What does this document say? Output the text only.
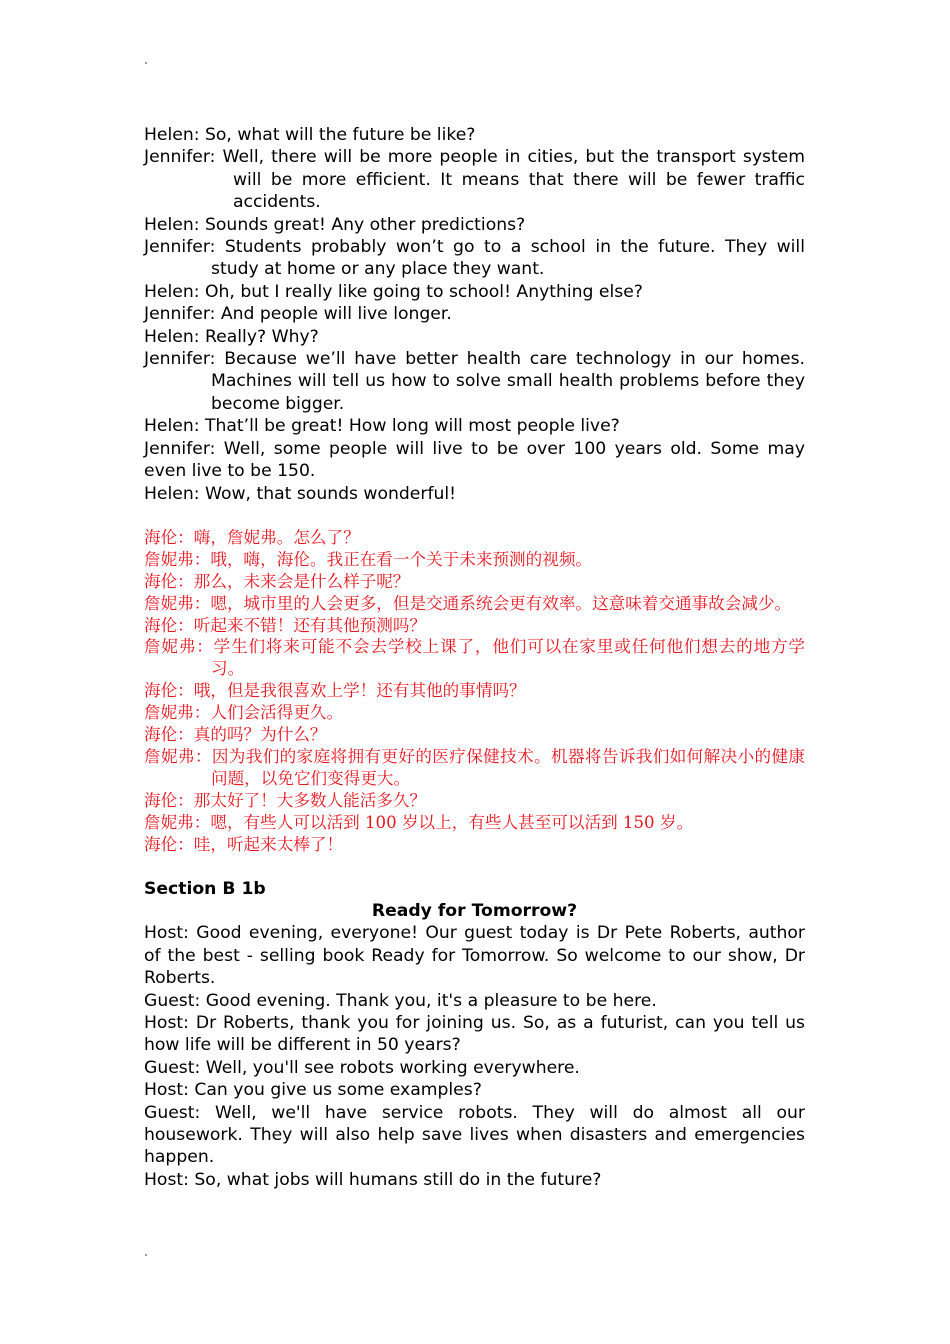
˚
Helen: So, what will the future be like?
Jennifer: Well, there will be more people in cities, but the transport system will be more efficient. It means that there will be fewer traffic accidents.
Helen: Sounds great! Any other predictions?
Jennifer: Students probably won’t go to a school in the future. They will study at home or any place they want.
Helen: Oh, but I really like going to school! Anything else?
Jennifer: And people will live longer.
Helen: Really? Why?
Jennifer: Because we’ll have better health care technology in our homes. Machines will tell us how to solve small health problems before they become bigger.
Helen: That’ll be great! How long will most people live?
Jennifer: Well, some people will live to be over 100 years old. Some may even live to be 150.
Helen: Wow, that sounds wonderful!
海伦：嗨，詹妮弗。怎么了？
詹妮弗：哦，嗨，海伦。我正在看一个关于未来预测的视频。
海伦：那么，未来会是什么样子呢？
詹妮弗：嗯，城市里的人会更多，但是交通系统会更有效率。这意味着交通事故会减少。
海伦：听起来不错！还有其他预测吗？
詹妮弗：学生们将来可能不会去学校上课了，他们可以在家里或任何他们想去的地方学习。
海伦：哦，但是我很喜欢上学！还有其他的事情吗？
詹妮弗：人们会活得更久。
海伦：真的吗？为什么？
詹妮弗：因为我们的家庭将拥有更好的医疗保健技术。机器将告诉我们如何解决小的健康问题，以免它们变得更大。
海伦：那太好了！大多数人能活多久？
詹妮弗：嗯，有些人可以活到 100 岁以上，有些人甚至可以活到 150 岁。
海伦：哇，听起来太棒了！
Section B 1b
Ready for Tomorrow?
Host: Good evening, everyone! Our guest today is Dr Pete Roberts, author of the best - selling book Ready for Tomorrow. So welcome to our show, Dr Roberts.
Guest: Good evening. Thank you, it's a pleasure to be here.
Host: Dr Roberts, thank you for joining us. So, as a futurist, can you tell us how life will be different in 50 years?
Guest: Well, you'll see robots working everywhere.
Host: Can you give us some examples?
Guest: Well, we'll have service robots. They will do almost all our housework. They will also help save lives when disasters and emergencies happen.
Host: So, what jobs will humans still do in the future?
˚
